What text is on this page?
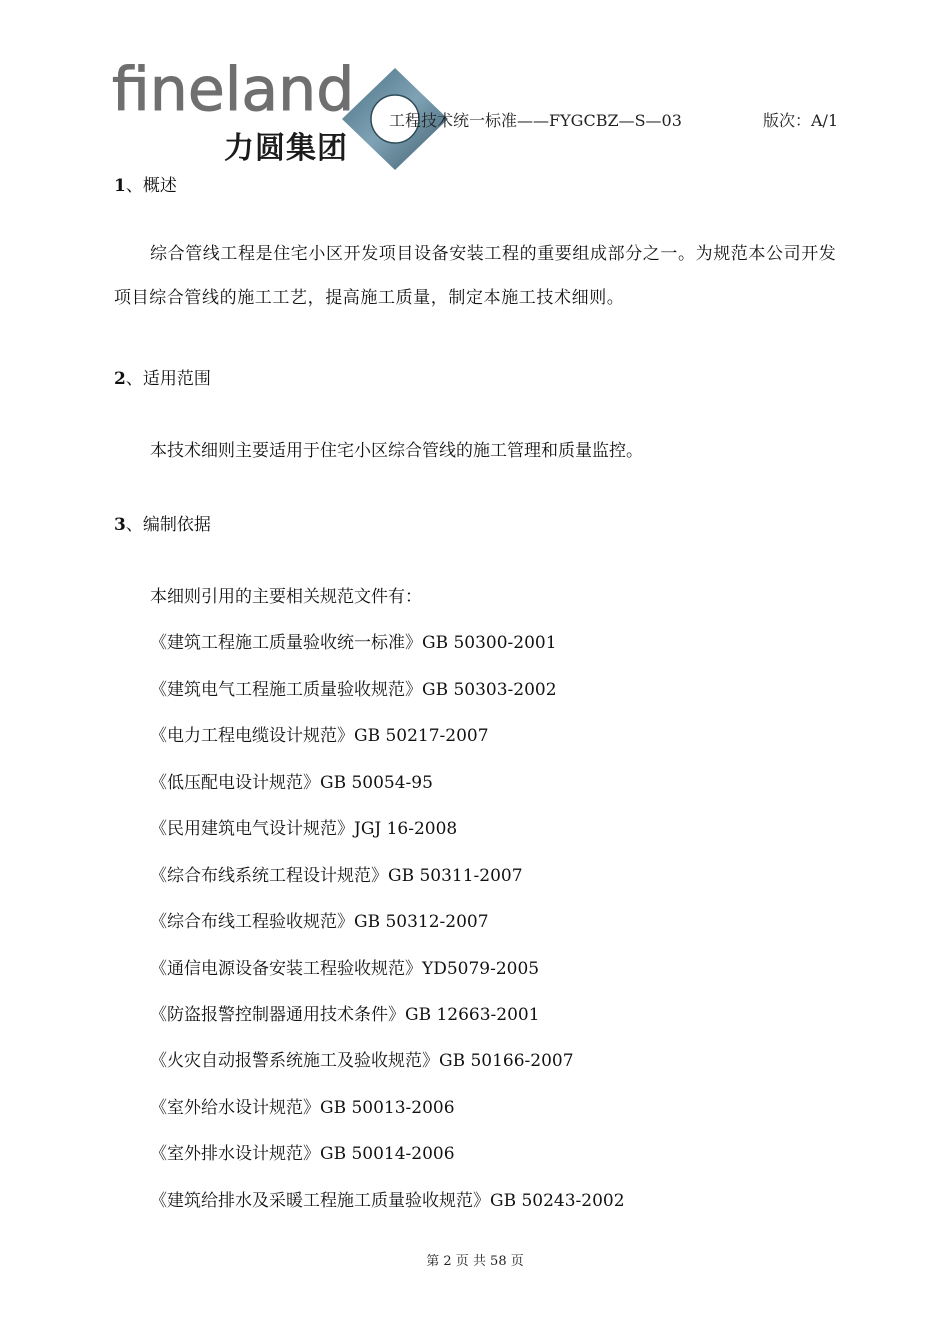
fineland
力圆集团
工程技术统一标准——FYGCBZ—S—03	版次：A/1
1、概述
综合管线工程是住宅小区开发项目设备安装工程的重要组成部分之一。为规范本公司开发项目综合管线的施工工艺，提高施工质量，制定本施工技术细则。
2、适用范围
本技术细则主要适用于住宅小区综合管线的施工管理和质量监控。
3、编制依据
本细则引用的主要相关规范文件有：
《建筑工程施工质量验收统一标准》GB 50300-2001
《建筑电气工程施工质量验收规范》GB 50303-2002
《电力工程电缆设计规范》GB 50217-2007
《低压配电设计规范》GB 50054-95
《民用建筑电气设计规范》JGJ 16-2008
《综合布线系统工程设计规范》GB 50311-2007
《综合布线工程验收规范》GB 50312-2007
《通信电源设备安装工程验收规范》YD5079-2005
《防盗报警控制器通用技术条件》GB 12663-2001
《火灾自动报警系统施工及验收规范》GB 50166-2007
《室外给水设计规范》GB 50013-2006
《室外排水设计规范》GB 50014-2006
《建筑给排水及采暖工程施工质量验收规范》GB 50243-2002
第 2 页 共 58 页
